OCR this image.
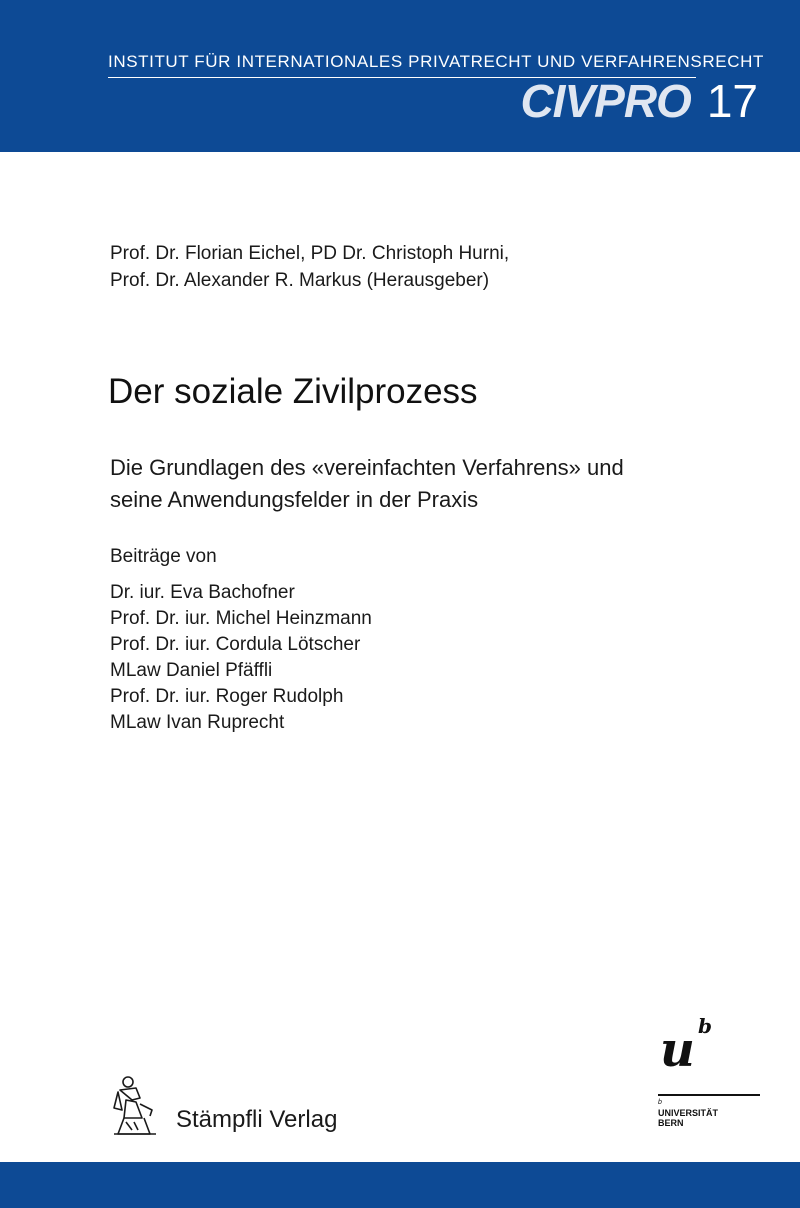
INSTITUT FÜR INTERNATIONALES PRIVATRECHT UND VERFAHRENSRECHT
CIVPRO 17
Prof. Dr. Florian Eichel, PD Dr. Christoph Hurni,
Prof. Dr. Alexander R. Markus (Herausgeber)
Der soziale Zivilprozess
Die Grundlagen des «vereinfachten Verfahrens» und
seine Anwendungsfelder in der Praxis
Beiträge von
Dr. iur. Eva Bachofner
Prof. Dr. iur. Michel Heinzmann
Prof. Dr. iur. Cordula Lötscher
MLaw Daniel Pfäffli
Prof. Dr. iur. Roger Rudolph
MLaw Ivan Ruprecht
Stämpfli Verlag
u b
b
UNIVERSITÄT
BERN
